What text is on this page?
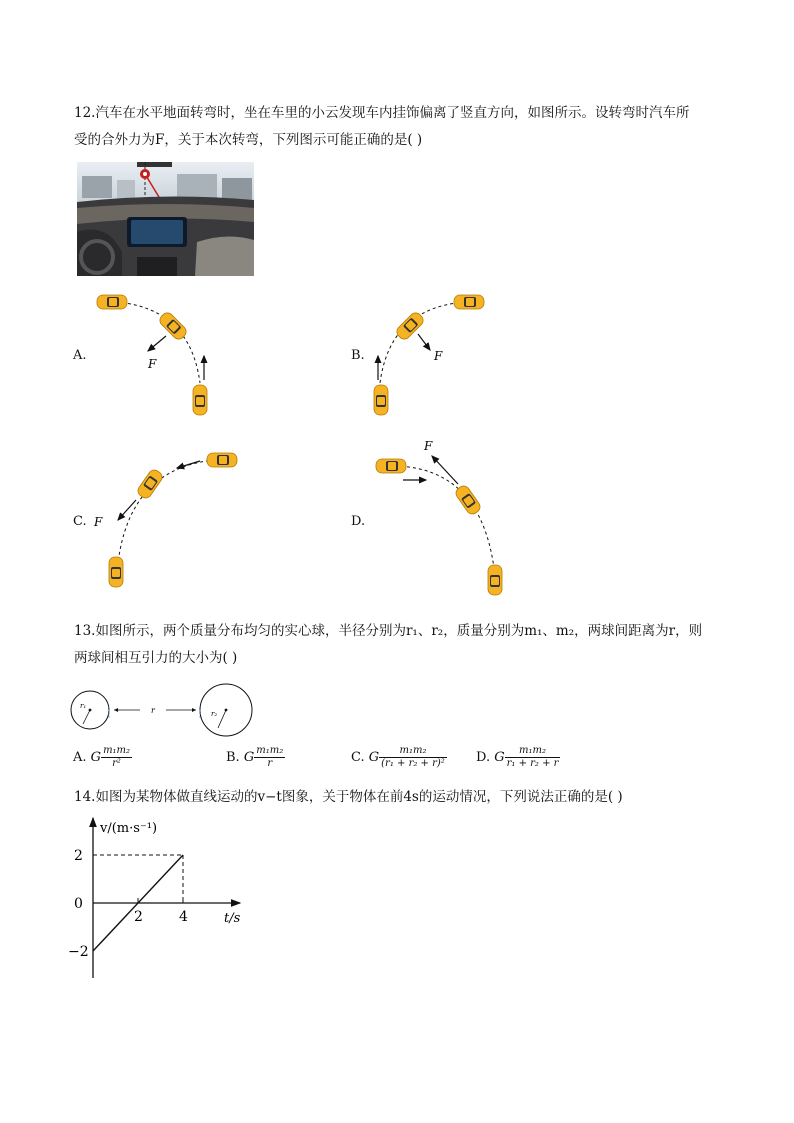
12.汽车在水平地面转弯时，坐在车里的小云发现车内挂饰偏离了竖直方向，如图所示。设转弯时汽车所
受的合外力为F，关于本次转弯，下列图示可能正确的是( )
F
F
F
F
A.	B.
C.	D.
13.如图所示，两个质量分布均匀的实心球，半径分别为r₁、r₂，质量分别为m₁、m₂，两球间距离为r，则
两球间相互引力的大小为( )
r₁
r₂
r
A. G $\frac{\text{m₁m₂}}{\text{r²}}$	B. G $\frac{\text{m₁m₂}}{r}$	C. G $\frac{\text{m₁m₂}}{\text{(r₁ + r₂ + r)²}} D$. G $\frac{\text{m₁m₂}}{\text{r₁ + r₂ + r}}$
14.如图为某物体做直线运动的v−t图象，关于物体在前4s的运动情况，下列说法正确的是( )
v/(m·s⁻¹)
t/s
2	4
2
0
−2
